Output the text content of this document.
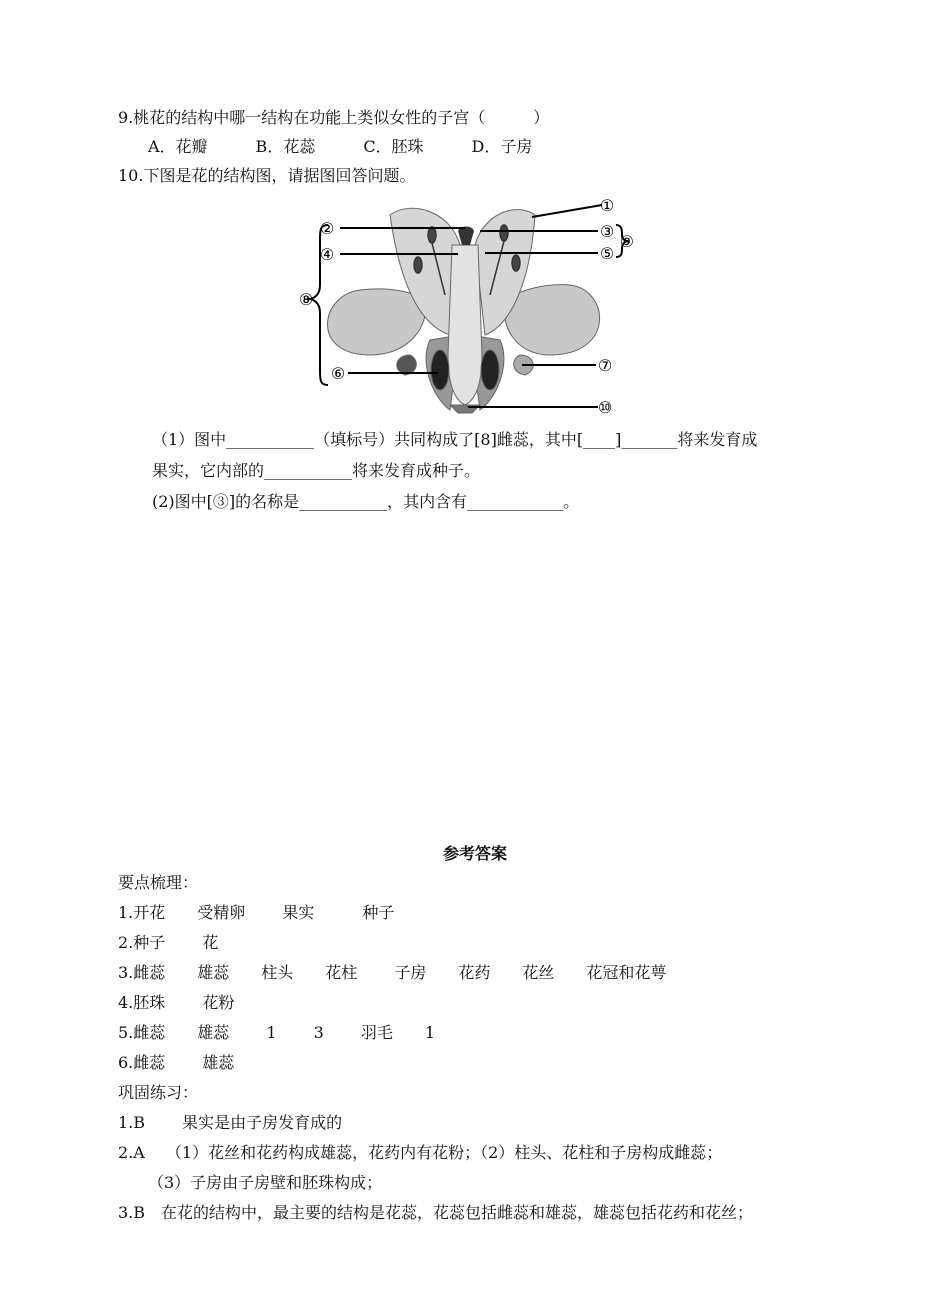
9.桃花的结构中哪一结构在功能上类似女性的子宫（　　　）
A．花瓣　　　B．花蕊　　　C．胚珠　　　D．子房
10.下图是花的结构图，请据图回答问题。
②
④
①
③
⑤
⑧
⑨
⑥	⑦
⑩
（1）图中___________（填标号）共同构成了[8]雌蕊，其中[____]_______将来发育成
果实，它内部的___________将来发育成种子。
(2)图中[③]的名称是___________，其内含有____________。
参考答案
要点梳理：
1.开花　　受精卵　　 果实　　　种子
2.种子　　 花
3.雌蕊　　雄蕊　　柱头　　花柱　　 子房　　花药　　花丝　　花冠和花萼
4.胚珠　　 花粉
5.雌蕊　　雄蕊　　 1　　 3　　 羽毛　　1
6.雌蕊　　 雄蕊
巩固练习：
1.B　　 果实是由子房发育成的
2.A　 （1）花丝和花药构成雄蕊，花药内有花粉；（2）柱头、花柱和子房构成雌蕊；
（3）子房由子房壁和胚珠构成；
3.B　在花的结构中，最主要的结构是花蕊，花蕊包括雌蕊和雄蕊，雄蕊包括花药和花丝；
